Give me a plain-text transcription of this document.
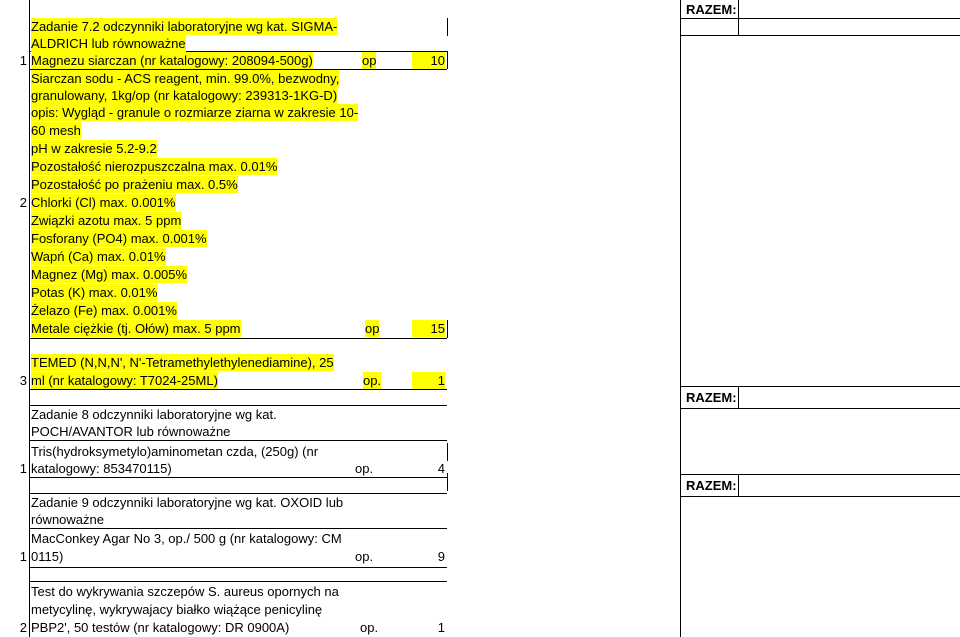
RAZEM:
RAZEM:
RAZEM:
Zadanie 7.2 odczynniki laboratoryjne wg kat. SIGMA-
ALDRICH lub równoważne
1 Magnezu siarczan (nr katalogowy: 208094-500g)	op	10
Siarczan sodu - ACS reagent, min. 99.0%, bezwodny,
granulowany, 1kg/op (nr katalogowy: 239313-1KG-D)
opis: Wygląd - granule o rozmiarze ziarna w zakresie 10-
60 mesh
pH w zakresie 5.2-9.2
Pozostałość nierozpuszczalna max. 0.01%
Pozostałość po prażeniu max. 0.5%
2 Chlorki (Cl) max. 0.001%
Związki azotu max. 5 ppm
Fosforany (PO4) max. 0.001%
Wapń (Ca) max. 0.01%
Magnez (Mg) max. 0.005%
Potas (K) max. 0.01%
Żelazo (Fe) max. 0.001%
Metale ciężkie (tj. Ołów) max. 5 ppm	op	15
TEMED (N,N,N', N'-Tetramethylethylenediamine), 25
3 ml (nr katalogowy: T7024-25ML)	op.	1
Zadanie 8 odczynniki laboratoryjne wg kat.
POCH/AVANTOR lub równoważne
Tris(hydroksymetylo)aminometan czda, (250g) (nr
1 katalogowy: 853470115)	op.	4
Zadanie 9 odczynniki laboratoryjne wg kat. OXOID lub
równoważne
MacConkey Agar No 3, op./ 500 g (nr katalogowy: CM
1 0115)	op.	9
Test do wykrywania szczepów S. aureus opornych na
metycylinę, wykrywajacy białko wiążące penicylinę
2 PBP2', 50 testów (nr katalogowy: DR 0900A)	op.	1
